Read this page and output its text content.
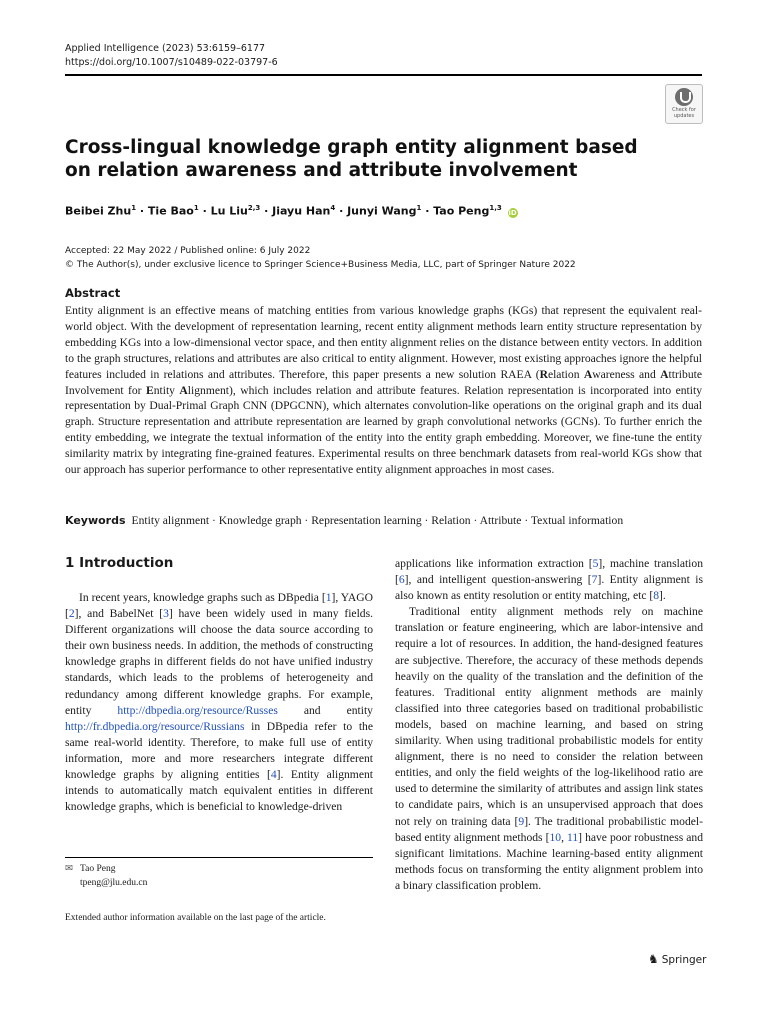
Applied Intelligence (2023) 53:6159–6177
https://doi.org/10.1007/s10489-022-03797-6
Check for
updates
Cross-lingual knowledge graph entity alignment based on relation awareness and attribute involvement
Beibei Zhu$^1$ · Tie Bao$^1$ · Lu Liu$^{2,3}$ · Jiayu Han$^4$ · Junyi Wang$^1$ · Tao Peng$^{1,3}$ iD
Accepted: 22 May 2022 / Published online: 6 July 2022
© The Author(s), under exclusive licence to Springer Science+Business Media, LLC, part of Springer Nature 2022
Abstract

Entity alignment is an effective means of matching entities from various knowledge graphs (KGs) that represent the equivalent real-world object. With the development of representation learning, recent entity alignment methods learn entity structure representation by embedding KGs into a low-dimensional vector space, and then entity alignment relies on the distance between entity vectors. In addition to the graph structures, relations and attributes are also critical to entity alignment. However, most existing approaches ignore the helpful features included in relations and attributes. Therefore, this paper presents a new solution RAEA (Relation Awareness and Attribute Involvement for Entity Alignment), which includes relation and attribute features. Relation representation is incorporated into entity representation by Dual-Primal Graph CNN (DPGCNN), which alternates convolution-like operations on the original graph and its dual graph. Structure representation and attribute representation are learned by graph convolutional networks (GCNs). To further enrich the entity embedding, we integrate the textual information of the entity into the entity graph embedding. Moreover, we fine-tune the entity similarity matrix by integrating fine-grained features. Experimental results on three benchmark datasets from real-world KGs show that our approach has superior performance to other representative entity alignment approaches in most cases.

Keywords Entity alignment · Knowledge graph · Representation learning · Relation · Attribute · Textual information
1 Introduction

In recent years, knowledge graphs such as DBpedia [1], YAGO [2], and BabelNet [3] have been widely used in many fields. Different organizations will choose the data source according to their own business needs. In addition, the methods of constructing knowledge graphs in different fields do not have unified industry standards, which leads to the problems of heterogeneity and redundancy among different knowledge graphs. For example, entity http://dbpedia.org/resource/Russes and entity http://fr.dbpedia.org/resource/Russians in DBpedia refer to the same real-world identity. Therefore, to make full use of entity information, more and more researchers integrate different knowledge graphs by aligning entities [4]. Entity alignment intends to automatically match equivalent entities in different knowledge graphs, which is beneficial to knowledge-driven

applications like information extraction [5], machine translation [6], and intelligent question-answering [7]. Entity alignment is also known as entity resolution or entity matching, etc [8].

Traditional entity alignment methods rely on machine translation or feature engineering, which are labor-intensive and require a lot of resources. In addition, the hand-designed features are subjective. Therefore, the accuracy of these methods depends heavily on the quality of the translation and the definition of the features. Traditional entity alignment methods are mainly classified into three categories based on traditional probabilistic models, based on machine learning, and based on string similarity. When using traditional probabilistic models for entity alignment, there is no need to consider the relation between entities, and only the field weights of the log-likelihood ratio are used to determine the similarity of attributes and assign link states to candidate pairs, which is an unsupervised approach that does not rely on training data [9]. The traditional probabilistic model-based entity alignment methods [10, 11] have poor robustness and significant limitations. Machine learning-based entity alignment methods focus on transforming the entity alignment problem into a binary classification problem.

✉ Tao Peng
tpeng@jlu.edu.cn
Extended author information available on the last page of the article.
♞ Springer
